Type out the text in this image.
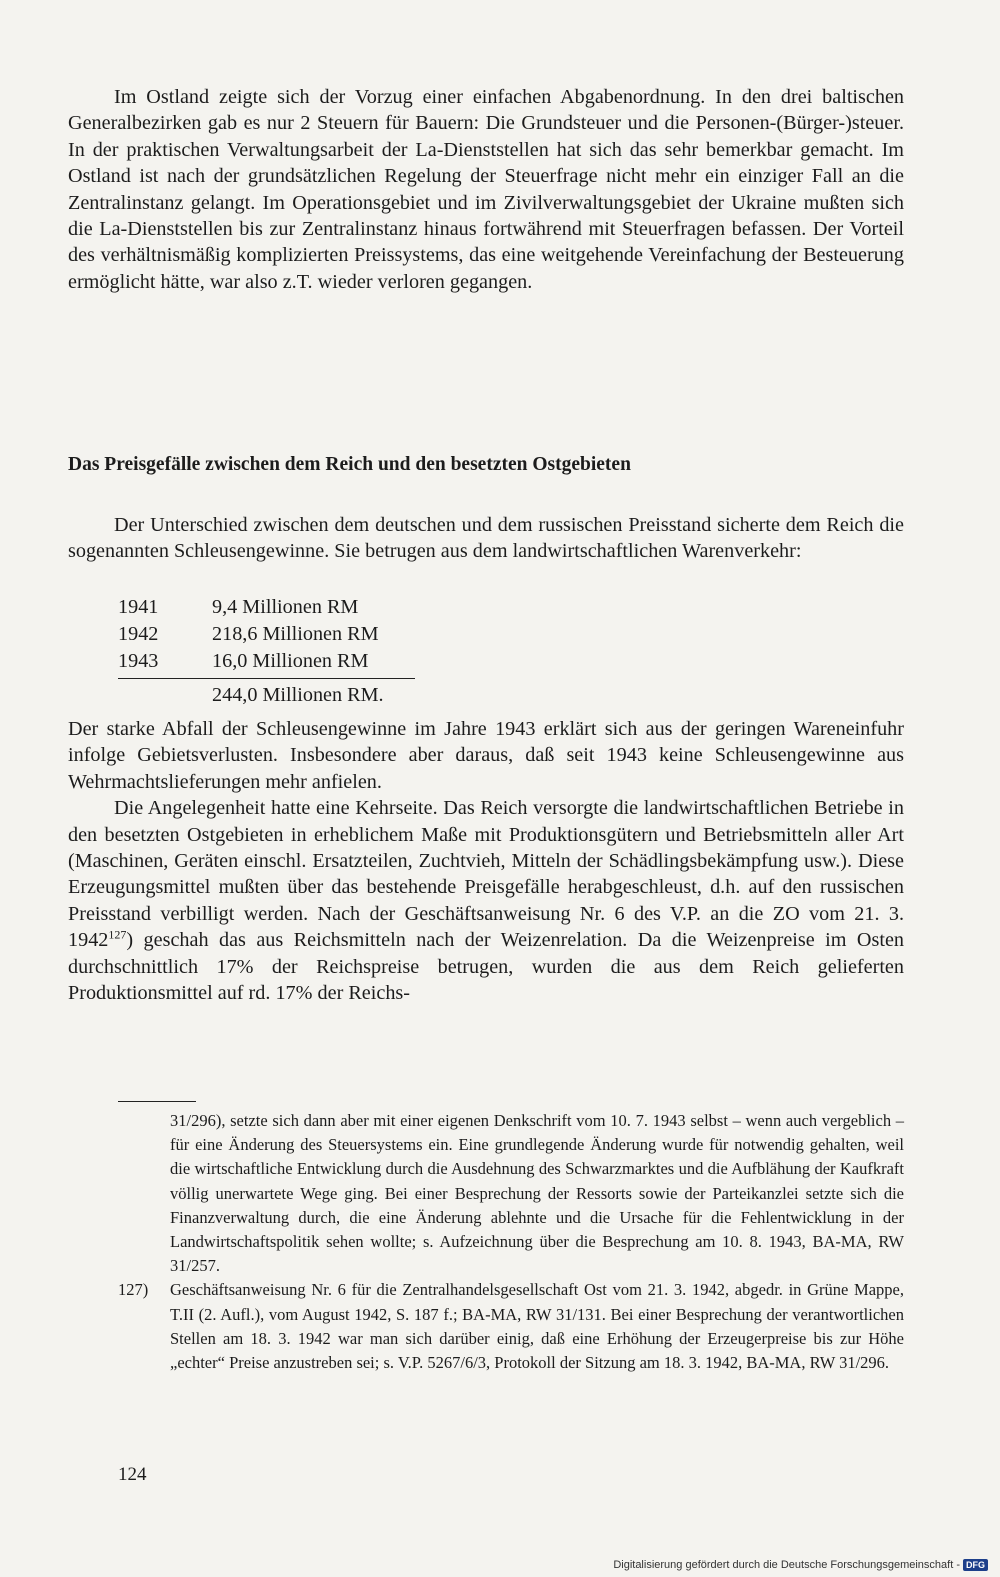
Im Ostland zeigte sich der Vorzug einer einfachen Abgabenordnung. In den drei baltischen Generalbezirken gab es nur 2 Steuern für Bauern: Die Grundsteuer und die Personen-(Bürger-)steuer. In der praktischen Verwaltungsarbeit der La-Dienststellen hat sich das sehr bemerkbar gemacht. Im Ostland ist nach der grundsätzlichen Regelung der Steuerfrage nicht mehr ein einziger Fall an die Zentralinstanz gelangt. Im Operationsgebiet und im Zivilverwaltungsgebiet der Ukraine mußten sich die La-Dienststellen bis zur Zentralinstanz hinaus fortwährend mit Steuerfragen befassen. Der Vorteil des verhältnismäßig komplizierten Preissystems, das eine weitgehende Vereinfachung der Besteuerung ermöglicht hätte, war also z.T. wieder verloren gegangen.

Das Preisgefälle zwischen dem Reich und den besetzten Ostgebieten

Der Unterschied zwischen dem deutschen und dem russischen Preisstand sicherte dem Reich die sogenannten Schleusengewinne. Sie betrugen aus dem landwirtschaftlichen Warenverkehr:

1941	9,4 Millionen RM
1942	218,6 Millionen RM
1943	16,0 Millionen RM
244,0 Millionen RM.

Der starke Abfall der Schleusengewinne im Jahre 1943 erklärt sich aus der geringen Wareneinfuhr infolge Gebietsverlusten. Insbesondere aber daraus, daß seit 1943 keine Schleusengewinne aus Wehrmachtslieferungen mehr anfielen.

Die Angelegenheit hatte eine Kehrseite. Das Reich versorgte die landwirtschaftlichen Betriebe in den besetzten Ostgebieten in erheblichem Maße mit Produktionsgütern und Betriebsmitteln aller Art (Maschinen, Geräten einschl. Ersatzteilen, Zuchtvieh, Mitteln der Schädlingsbekämpfung usw.). Diese Erzeugungsmittel mußten über das bestehende Preisgefälle herabgeschleust, d.h. auf den russischen Preisstand verbilligt werden. Nach der Geschäftsanweisung Nr. 6 des V.P. an die ZO vom 21. 3. 1942$^{127}$) geschah das aus Reichsmitteln nach der Weizenrelation. Da die Weizenpreise im Osten durchschnittlich 17% der Reichspreise betrugen, wurden die aus dem Reich gelieferten Produktionsmittel auf rd. 17% der Reichs-

31/296), setzte sich dann aber mit einer eigenen Denkschrift vom 10. 7. 1943 selbst – wenn auch vergeblich – für eine Änderung des Steuersystems ein. Eine grundlegende Änderung wurde für notwendig gehalten, weil die wirtschaftliche Entwicklung durch die Ausdehnung des Schwarzmarktes und die Aufblähung der Kaufkraft völlig unerwartete Wege ging. Bei einer Besprechung der Ressorts sowie der Parteikanzlei setzte sich die Finanzverwaltung durch, die eine Änderung ablehnte und die Ursache für die Fehlentwicklung in der Landwirtschaftspolitik sehen wollte; s. Aufzeichnung über die Besprechung am 10. 8. 1943, BA-MA, RW 31/257.

127) Geschäftsanweisung Nr. 6 für die Zentralhandelsgesellschaft Ost vom 21. 3. 1942, abgedr. in Grüne Mappe, T.II (2. Aufl.), vom August 1942, S. 187 f.; BA-MA, RW 31/131. Bei einer Besprechung der verantwortlichen Stellen am 18. 3. 1942 war man sich darüber einig, daß eine Erhöhung der Erzeugerpreise bis zur Höhe „echter“ Preise anzustreben sei; s. V.P. 5267/6/3, Protokoll der Sitzung am 18. 3. 1942, BA-MA, RW 31/296.

124
Digitalisierung gefördert durch die Deutsche Forschungsgemeinschaft - DFG
